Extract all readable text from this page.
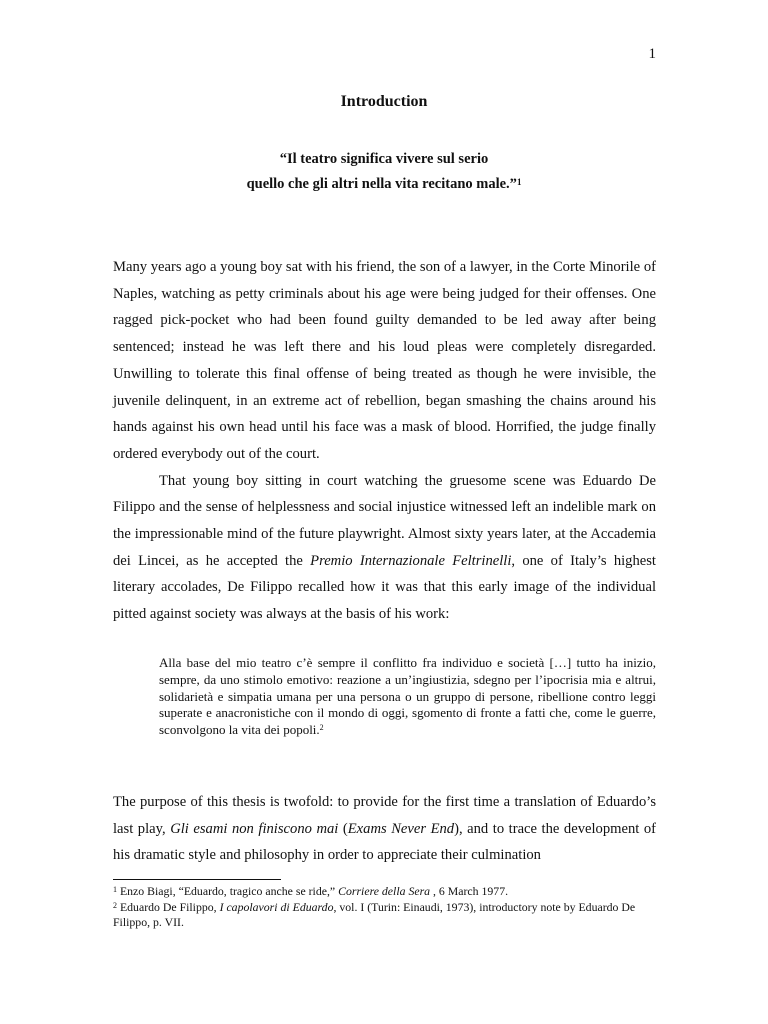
1
Introduction
“Il teatro significa vivere sul serio
quello che gli altri nella vita recitano male.”$^1$

Many years ago a young boy sat with his friend, the son of a lawyer, in the Corte Minorile of Naples, watching as petty criminals about his age were being judged for their offenses. One ragged pick-pocket who had been found guilty demanded to be led away after being sentenced; instead he was left there and his loud pleas were completely disregarded. Unwilling to tolerate this final offense of being treated as though he were invisible, the juvenile delinquent, in an extreme act of rebellion, began smashing the chains around his hands against his own head until his face was a mask of blood. Horrified, the judge finally ordered everybody out of the court.

That young boy sitting in court watching the gruesome scene was Eduardo De Filippo and the sense of helplessness and social injustice witnessed left an indelible mark on the impressionable mind of the future playwright. Almost sixty years later, at the Accademia dei Lincei, as he accepted the Premio Internazionale Feltrinelli, one of Italy’s highest literary accolades, De Filippo recalled how it was that this early image of the individual pitted against society was always at the basis of his work:

Alla base del mio teatro c’è sempre il conflitto fra individuo e società […] tutto ha inizio, sempre, da uno stimolo emotivo: reazione a un’ingiustizia, sdegno per l’ipocrisia mia e altrui, solidarietà e simpatia umana per una persona o un gruppo di persone, ribellione contro leggi superate e anacronistiche con il mondo di oggi, sgomento di fronte a fatti che, come le guerre, sconvolgono la vita dei popoli.$^2$

The purpose of this thesis is twofold: to provide for the first time a translation of Eduardo’s last play, Gli esami non finiscono mai (Exams Never End), and to trace the development of his dramatic style and philosophy in order to appreciate their culmination

$^1$ Enzo Biagi, “Eduardo, tragico anche se ride,” Corriere della Sera , 6 March 1977.

$^2$ Eduardo De Filippo, I capolavori di Eduardo, vol. I (Turin: Einaudi, 1973), introductory note by Eduardo De Filippo, p. VII.
